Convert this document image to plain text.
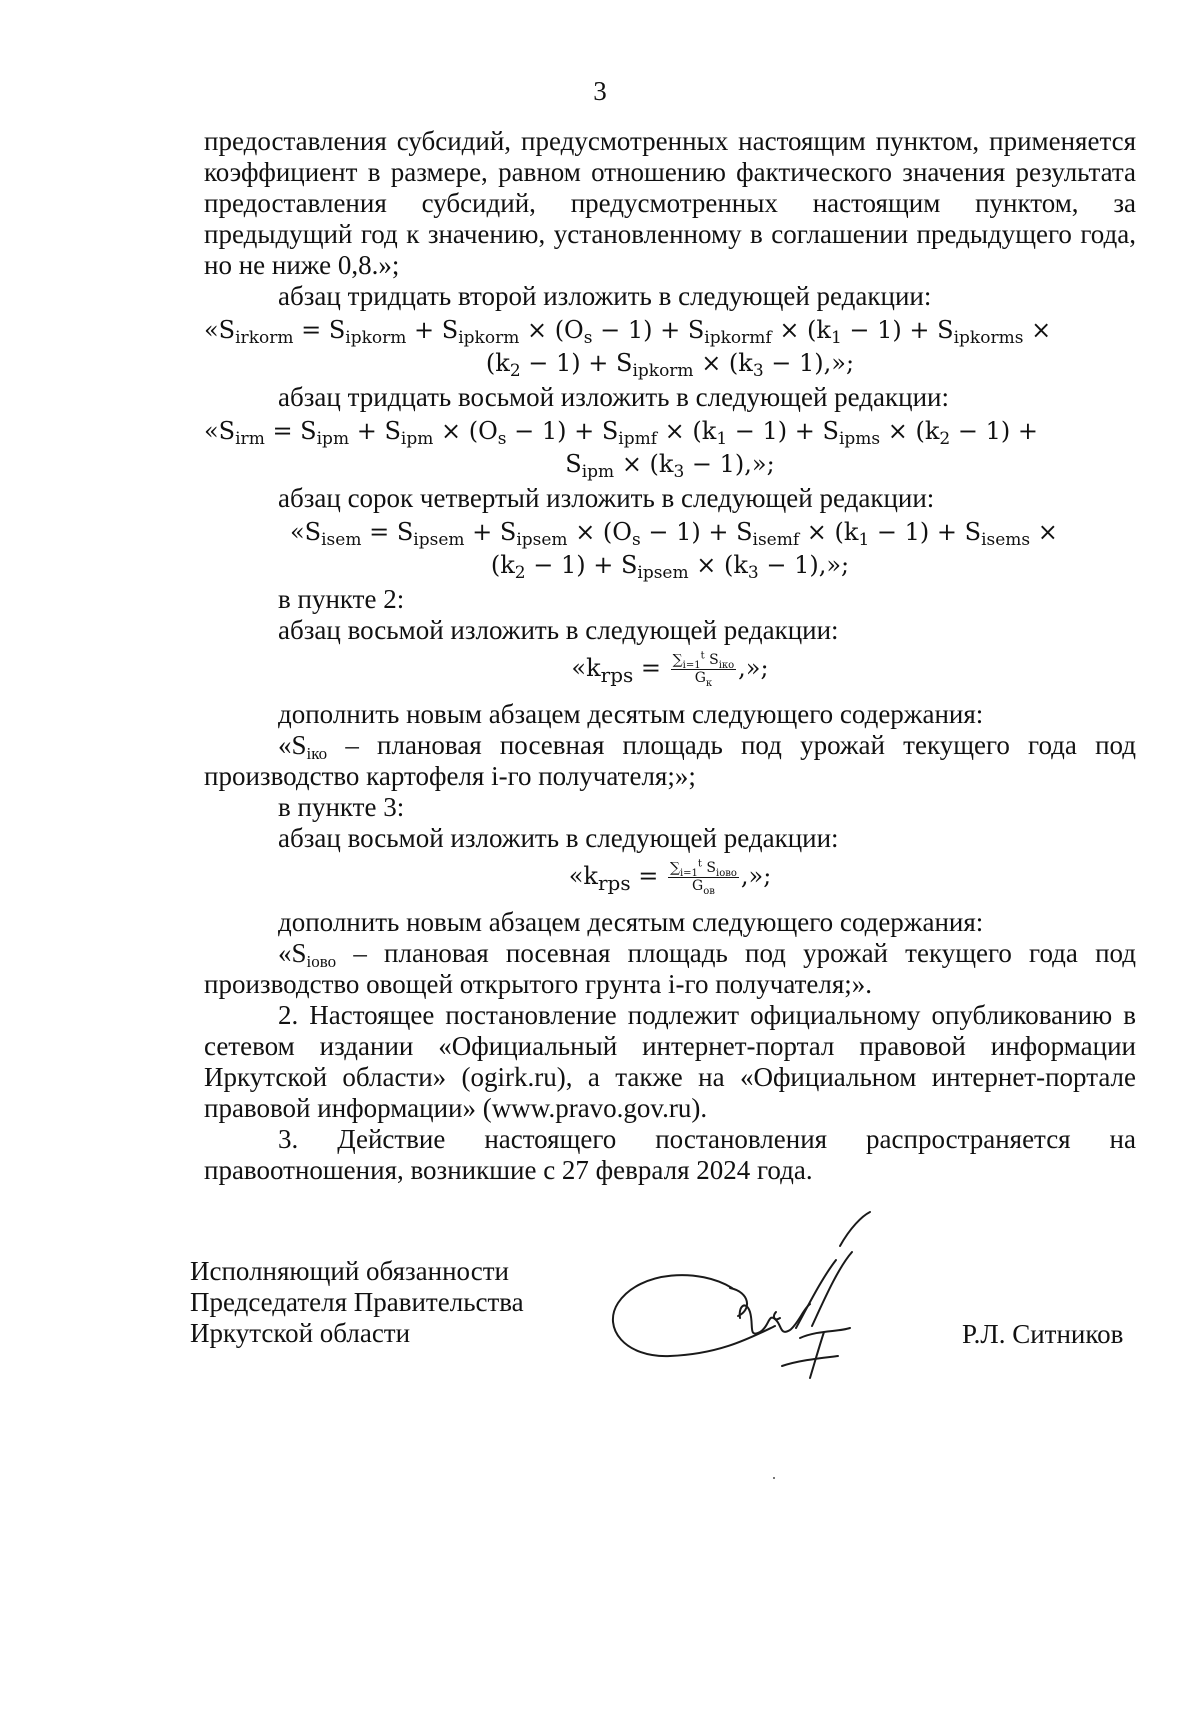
3

предоставления субсидий, предусмотренных настоящим пунктом, применяется коэффициент в размере, равном отношению фактического значения результата предоставления субсидий, предусмотренных настоящим пунктом, за предыдущий год к значению, установленному в соглашении предыдущего года, но не ниже 0,8.»;

абзац тридцать второй изложить в следующей редакции:

«$S_{irkorm} = S_{ipkorm} + S_{ipkorm} \times (O_s - 1) + S_{ipkormf} \times (k_1 - 1) + S_{ipkorms}$ ×
$(k_2 - 1) + S_{ipkorm} \times (k_3 - 1)$,»;

абзац тридцать восьмой изложить в следующей редакции:

«$S_{irm} = S_{ipm} + S_{ipm} \times (O_s - 1) + S_{ipmf} \times (k_1 - 1) + S_{ipms} \times (k_2 - 1)$ +
$S_{ipm} \times (k_3 - 1)$,»;

абзац сорок четвертый изложить в следующей редакции:

«$S_{isem} = S_{ipsem} + S_{ipsem} \times (O_s - 1) + S_{isemf} \times (k_1 - 1) + S_{isems}$ ×
$(k_2 - 1) + S_{ipsem} \times (k_3 - 1)$,»;

в пункте 2:

абзац восьмой изложить в следующей редакции:

«$k_{rps} = \frac{\sum_{i=1}^t S_{iко}}{G_к}$ ,»;

дополнить новым абзацем десятым следующего содержания:

«Siко – плановая посевная площадь под урожай текущего года под производство картофеля i-го получателя;»;

в пункте 3:

абзац восьмой изложить в следующей редакции:

«$k_{rps} = \frac{\sum_{i=1}^t S_{iово}}{G_{ов}}$ ,»;

дополнить новым абзацем десятым следующего содержания:

«Siово – плановая посевная площадь под урожай текущего года под производство овощей открытого грунта i-го получателя;».

2. Настоящее постановление подлежит официальному опубликованию в сетевом издании «Официальный интернет-портал правовой информации Иркутской области» (ogirk.ru), а также на «Официальном интернет-портале правовой информации» (www.pravo.gov.ru).

3. Действие настоящего постановления распространяется на правоотношения, возникшие с 27 февраля 2024 года.

Исполняющий обязанности
Председателя Правительства
Иркутской области	Р.Л. Ситников
